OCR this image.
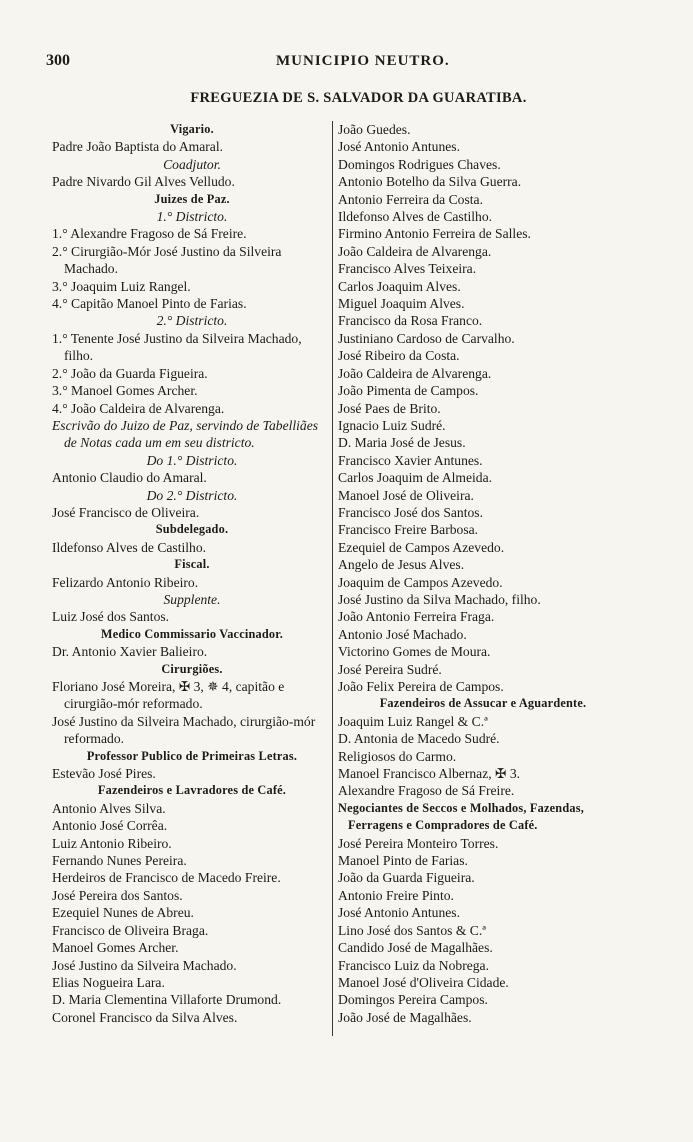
300	MUNICIPIO NEUTRO.
FREGUEZIA DE S. SALVADOR DA GUARATIBA.
Vigario.
Padre João Baptista do Amaral.
Coadjutor.
Padre Nivardo Gil Alves Velludo.
Juizes de Paz.
1.° Districto.
1.° Alexandre Fragoso de Sá Freire.
2.° Cirurgião-Mór José Justino da Silveira Machado.
3.° Joaquim Luiz Rangel.
4.° Capitão Manoel Pinto de Farias.
2.° Districto.
1.° Tenente José Justino da Silveira Machado, filho.
2.° João da Guarda Figueira.
3.° Manoel Gomes Archer.
4.° João Caldeira de Alvarenga.
Escrivão do Juizo de Paz, servindo de Tabelliães de Notas cada um em seu districto.
Do 1.° Districto.
Antonio Claudio do Amaral.
Do 2.° Districto.
José Francisco de Oliveira.
Subdelegado.
Ildefonso Alves de Castilho.
Fiscal.
Felizardo Antonio Ribeiro.
Supplente.
Luiz José dos Santos.
Medico Commissario Vaccinador.
Dr. Antonio Xavier Balieiro.
Cirurgiões.
Floriano José Moreira, ✠ 3, ✵ 4, capitão e cirurgião-mór reformado.
José Justino da Silveira Machado, cirurgião-mór reformado.
Professor Publico de Primeiras Letras.
Estevão José Pires.
Fazendeiros e Lavradores de Café.
Antonio Alves Silva.
Antonio José Corrêa.
Luiz Antonio Ribeiro.
Fernando Nunes Pereira.
Herdeiros de Francisco de Macedo Freire.
José Pereira dos Santos.
Ezequiel Nunes de Abreu.
Francisco de Oliveira Braga.
Manoel Gomes Archer.
José Justino da Silveira Machado.
Elias Nogueira Lara.
D. Maria Clementina Villaforte Drumond.
Coronel Francisco da Silva Alves.
João Guedes.
José Antonio Antunes.
Domingos Rodrigues Chaves.
Antonio Botelho da Silva Guerra.
Antonio Ferreira da Costa.
Ildefonso Alves de Castilho.
Firmino Antonio Ferreira de Salles.
João Caldeira de Alvarenga.
Francisco Alves Teixeira.
Carlos Joaquim Alves.
Miguel Joaquim Alves.
Francisco da Rosa Franco.
Justiniano Cardoso de Carvalho.
José Ribeiro da Costa.
João Caldeira de Alvarenga.
João Pimenta de Campos.
José Paes de Brito.
Ignacio Luiz Sudré.
D. Maria José de Jesus.
Francisco Xavier Antunes.
Carlos Joaquim de Almeida.
Manoel José de Oliveira.
Francisco José dos Santos.
Francisco Freire Barbosa.
Ezequiel de Campos Azevedo.
Angelo de Jesus Alves.
Joaquim de Campos Azevedo.
José Justino da Silva Machado, filho.
João Antonio Ferreira Fraga.
Antonio José Machado.
Victorino Gomes de Moura.
José Pereira Sudré.
João Felix Pereira de Campos.
Fazendeiros de Assucar e Aguardente.
Joaquim Luiz Rangel & C.ª
D. Antonia de Macedo Sudré.
Religiosos do Carmo.
Manoel Francisco Albernaz, ✠ 3.
Alexandre Fragoso de Sá Freire.
Negociantes de Seccos e Molhados, Fazendas, Ferragens e Compradores de Café.
José Pereira Monteiro Torres.
Manoel Pinto de Farias.
João da Guarda Figueira.
Antonio Freire Pinto.
José Antonio Antunes.
Lino José dos Santos & C.ª
Candido José de Magalhães.
Francisco Luiz da Nobrega.
Manoel José d'Oliveira Cidade.
Domingos Pereira Campos.
João José de Magalhães.
